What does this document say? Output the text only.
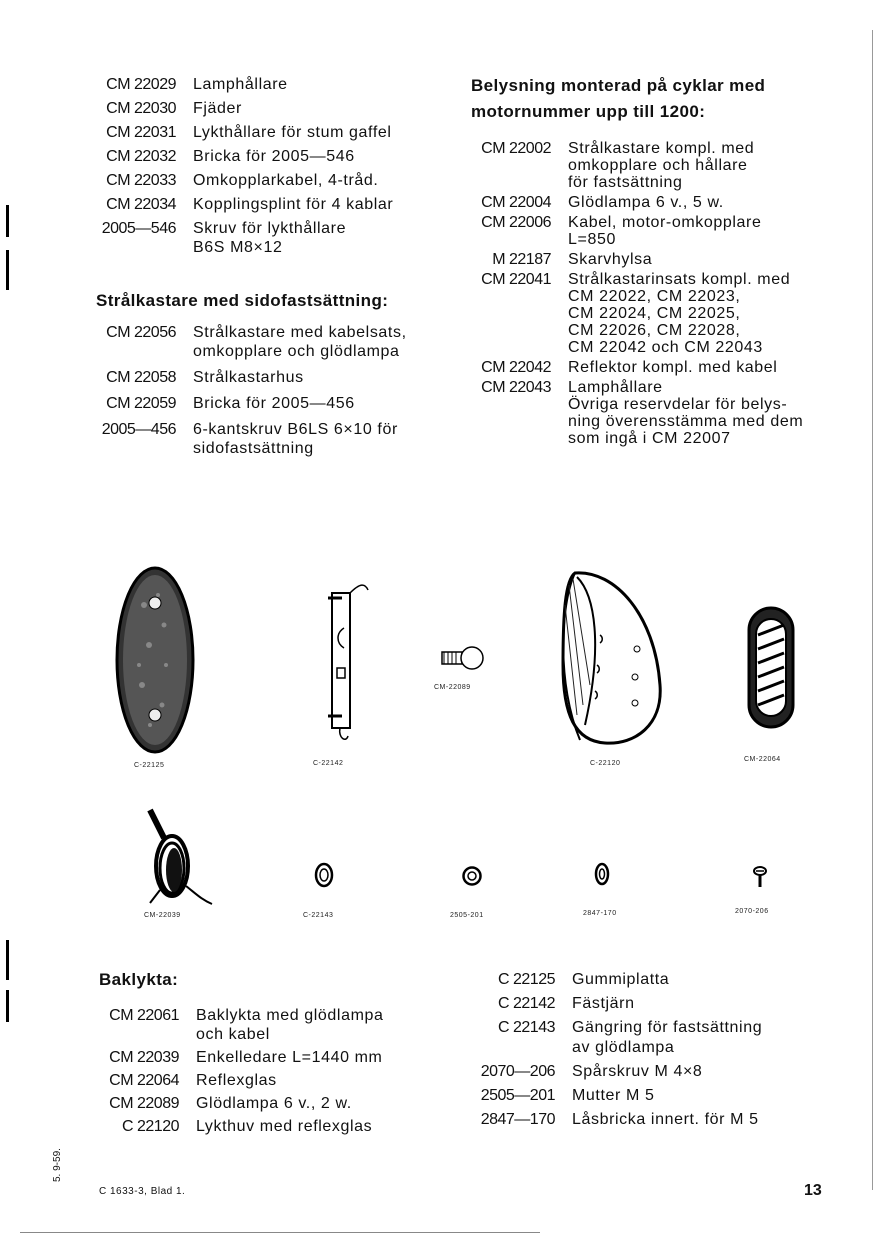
CM 22029 Lamphållare
CM 22030 Fjäder
CM 22031 Lykthållare för stum gaffel
CM 22032 Bricka för 2005—546
CM 22033 Omkopplarkabel, 4-tråd.
CM 22034 Kopplingsplint för 4 kablar
2005—546 Skruv för lykthållare
B6S M8×12
Strålkastare med sidofastsättning:
CM 22056 Strålkastare med kabelsats,
omkopplare och glödlampa
CM 22058 Strålkastarhus
CM 22059 Bricka för 2005—456
2005—456 6-kantskruv B6LS 6×10 för
sidofastsättning
Belysning monterad på cyklar med
motornummer upp till 1200:
CM 22002 Strålkastare kompl. med
omkopplare och hållare
för fastsättning
CM 22004 Glödlampa 6 v., 5 w.
CM 22006 Kabel, motor-omkopplare
L=850
M 22187 Skarvhylsa
CM 22041 Strålkastarinsats kompl. med
CM 22022, CM 22023,
CM 22024, CM 22025,
CM 22026, CM 22028,
CM 22042 och CM 22043
CM 22042 Reflektor kompl. med kabel
CM 22043 Lamphållare
Övriga reservdelar för belys-
ning överensstämma med dem
som ingå i CM 22007
C-22125	C-22142
CM-22089
C-22120
CM-22064
CM-22039	C-22143	2505-201	2847-170	2070-206
Baklykta:
CM 22061 Baklykta med glödlampa
och kabel
CM 22039 Enkelledare L=1440 mm
CM 22064 Reflexglas
CM 22089 Glödlampa 6 v., 2 w.
C 22120 Lykthuv med reflexglas
C 22125 Gummiplatta
C 22142 Fästjärn
C 22143 Gängring för fastsättning
av glödlampa
2070—206 Spårskruv M 4×8
2505—201 Mutter M 5
2847—170 Låsbricka innert. för M 5
C 1633-3, Blad 1.	13
5. 9-59.
